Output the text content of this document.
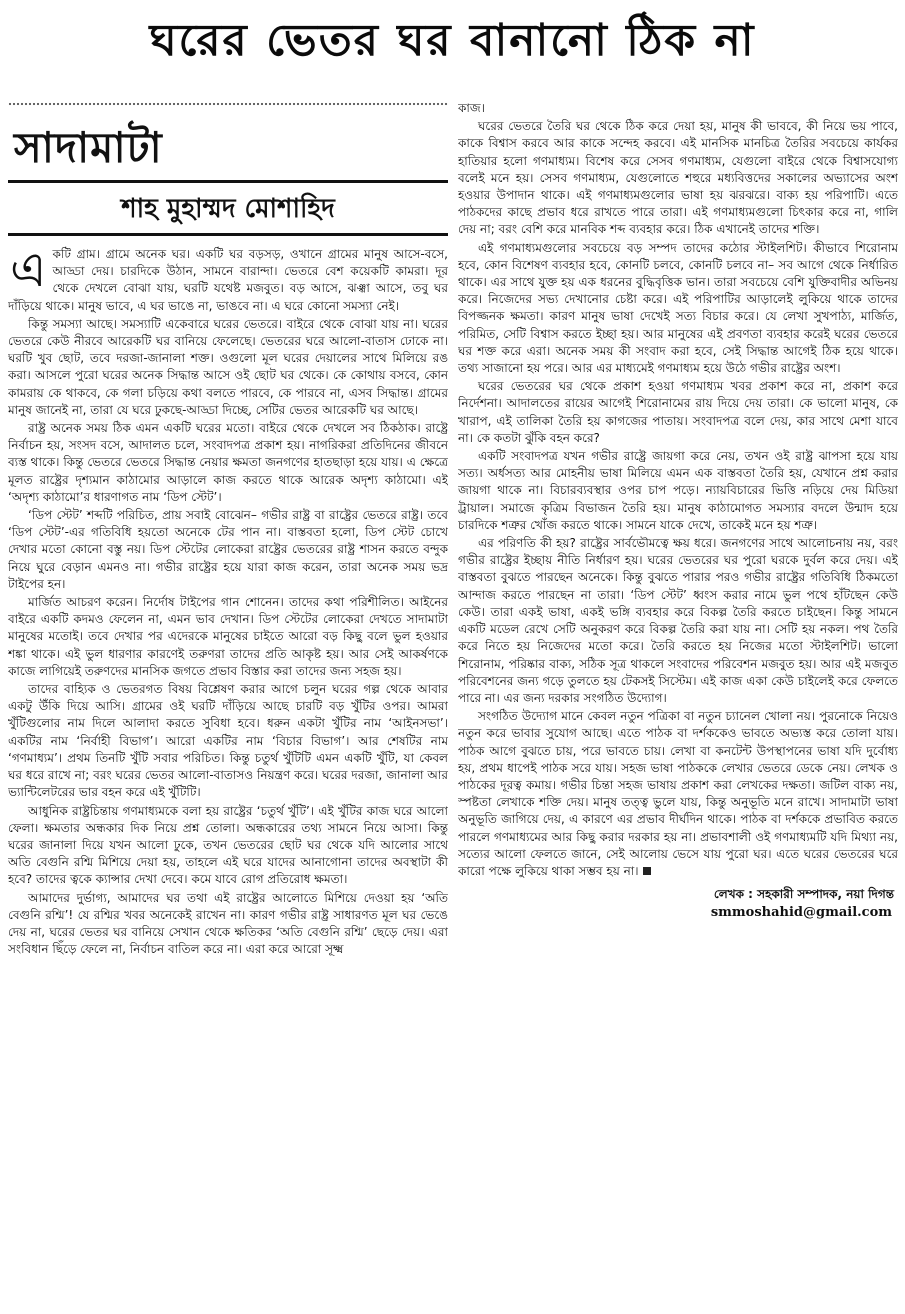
ঘরের ভেতর ঘর বানানো ঠিক না
সাদামাটা
শাহ মুহাম্মদ মোশাহিদ

একটি গ্রাম। গ্রামে অনেক ঘর। একটি ঘর বড়সড়, ওখানে গ্রামের মানুষ আসে-বসে, আড্ডা দেয়। চারদিকে উঠান, সামনে বারান্দা। ভেতরে বেশ কয়েকটি কামরা। দূর থেকে দেখলে বোঝা যায়, ঘরটি যথেষ্ট মজবুত। বড় আসে, ঝঞ্ঝা আসে, তবু ঘর দাঁড়িয়ে থাকে। মানুষ ভাবে, এ ঘর ভাঙে না, ভাঙবে না। এ ঘরে কোনো সমস্যা নেই।

কিন্তু সমস্যা আছে। সমস্যাটি একেবারে ঘরের ভেতরে। বাইরে থেকে বোঝা যায় না। ঘরের ভেতরে কেউ নীরবে আরেকটি ঘর বানিয়ে ফেলেছে। ভেতরের ঘরে আলো-বাতাস ঢোকে না। ঘরটি খুব ছোট, তবে দরজা-জানালা শক্ত। ওগুলো মূল ঘরের দেয়ালের সাথে মিলিয়ে রঙ করা। আসলে পুরো ঘরের অনেক সিদ্ধান্ত আসে ওই ছোট ঘর থেকে। কে কোথায় বসবে, কোন কামরায় কে থাকবে, কে গলা চড়িয়ে কথা বলতে পারবে, কে পারবে না, এসব সিদ্ধান্ত। গ্রামের মানুষ জানেই না, তারা যে ঘরে ঢুকছে-আড্ডা দিচ্ছে, সেটির ভেতর আরেকটি ঘর আছে।

রাষ্ট্র অনেক সময় ঠিক এমন একটি ঘরের মতো। বাইরে থেকে দেখলে সব ঠিকঠাক। রাষ্ট্রে নির্বাচন হয়, সংসদ বসে, আদালত চলে, সংবাদপত্র প্রকাশ হয়। নাগরিকরা প্রতিদিনের জীবনে ব্যস্ত থাকে। কিন্তু ভেতরে ভেতরে সিদ্ধান্ত নেয়ার ক্ষমতা জনগণের হাতছাড়া হয়ে যায়। এ ক্ষেত্রে মূলত রাষ্ট্রের দৃশ্যমান কাঠামোর আড়ালে কাজ করতে থাকে আরেক অদৃশ্য কাঠামো। এই ‘অদৃশ্য কাঠামো’র ধারণাগত নাম ‘ডিপ স্টেট’।

‘ডিপ স্টেট’ শব্দটি পরিচিত, প্রায় সবাই বোঝেন– গভীর রাষ্ট্র বা রাষ্ট্রের ভেতরে রাষ্ট্র। তবে ‘ডিপ স্টেট’-এর গতিবিধি হয়তো অনেকে টের পান না। বাস্তবতা হলো, ডিপ স্টেট চোখে দেখার মতো কোনো বস্তু নয়। ডিপ স্টেটের লোকেরা রাষ্ট্রের ভেতরের রাষ্ট্র শাসন করতে বন্দুক নিয়ে ঘুরে বেড়ান এমনও না। গভীর রাষ্ট্রের হয়ে যারা কাজ করেন, তারা অনেক সময় ভদ্র টাইপের হন।

মার্জিত আচরণ করেন। নির্দোষ টাইপের গান শোনেন। তাদের কথা পরিশীলিত। আইনের বাইরে একটি কদমও ফেলেন না, এমন ভাব দেখান। ডিপ স্টেটের লোকেরা দেখতে সাদামাটা মানুষের মতোই। তবে দেখার পর এদেরকে মানুষের চাইতে আরো বড় কিছু বলে ভুল হওয়ার শঙ্কা থাকে। এই ভুল ধারণার কারণেই তরুণরা তাদের প্রতি আকৃষ্ট হয়। আর সেই আকর্ষণকে কাজে লাগিয়েই তরুণদের মানসিক জগতে প্রভাব বিস্তার করা তাদের জন্য সহজ হয়।

তাদের বাহ্যিক ও ভেতরগত বিষয় বিশ্লেষণ করার আগে চলুন ঘরের গল্প থেকে আবার একটু উঁকি দিয়ে আসি। গ্রামের ওই ঘরটি দাঁড়িয়ে আছে চারটি বড় খুঁটির ওপর। আমরা খুঁটিগুলোর নাম দিলে আলাদা করতে সুবিধা হবে। ধরুন একটা খুঁটির নাম ‘আইনসভা’। একটির নাম ‘নির্বাহী বিভাগ’। আরো একটির নাম ‘বিচার বিভাগ’। আর শেষটির নাম ‘গণমাধ্যম’। প্রথম তিনটি খুঁটি সবার পরিচিত। কিন্তু চতুর্থ খুঁটিটি এমন একটি খুঁটি, যা কেবল ঘর ধরে রাখে না; বরং ঘরের ভেতর আলো-বাতাসও নিয়ন্ত্রণ করে। ঘরের দরজা, জানালা আর ভ্যান্টিলেটরের ভার বহন করে এই খুঁটিটি।

আধুনিক রাষ্ট্রচিন্তায় গণমাধ্যমকে বলা হয় রাষ্ট্রের ‘চতুর্থ খুঁটি’। এই খুঁটির কাজ ঘরে আলো ফেলা। ক্ষমতার অন্ধকার দিক নিয়ে প্রশ্ন তোলা। অন্ধকারের তথ্য সামনে নিয়ে আসা। কিন্তু ঘরের জানালা দিয়ে যখন আলো ঢুকে, তখন ভেতরের ছোট ঘর থেকে যদি আলোর সাথে অতি বেগুনি রশ্মি মিশিয়ে দেয়া হয়, তাহলে এই ঘরে যাদের আনাগোনা তাদের অবস্থাটা কী হবে? তাদের ত্বকে ক্যান্সার দেখা দেবে। কমে যাবে রোগ প্রতিরোধ ক্ষমতা।

আমাদের দুর্ভাগ্য, আমাদের ঘর তথা এই রাষ্ট্রের আলোতে মিশিয়ে দেওয়া হয় ‘অতি বেগুনি রশ্মি’! যে রশ্মির খবর অনেকেই রাখেন না। কারণ গভীর রাষ্ট্র সাধারণত মূল ঘর ভেঙে দেয় না, ঘরের ভেতর ঘর বানিয়ে সেখান থেকে ক্ষতিকর ‘অতি বেগুনি রশ্মি’ ছেড়ে দেয়। এরা সংবিধান ছিঁড়ে ফেলে না, নির্বাচন বাতিল করে না। এরা করে আরো সূক্ষ্ম

কাজ।

ঘরের ভেতরে তৈরি ঘর থেকে ঠিক করে দেয়া হয়, মানুষ কী ভাববে, কী নিয়ে ভয় পাবে, কাকে বিশ্বাস করবে আর কাকে সন্দেহ করবে। এই মানসিক মানচিত্র তৈরির সবচেয়ে কার্যকর হাতিয়ার হলো গণমাধ্যম। বিশেষ করে সেসব গণমাধ্যম, যেগুলো বাইরে থেকে বিশ্বাসযোগ্য বলেই মনে হয়। সেসব গণমাধ্যম, যেগুলোতে শহুরে মধ্যবিত্তদের সকালের অভ্যাসের অংশ হওয়ার উপাদান থাকে। এই গণমাধ্যমগুলোর ভাষা হয় ঝরঝরে। বাক্য হয় পরিপাটি। এতে পাঠকদের কাছে প্রভাব ধরে রাখতে পারে তারা। এই গণমাধ্যমগুলো চিৎকার করে না, গালি দেয় না; বরং বেশি করে মানবিক শব্দ ব্যবহার করে। ঠিক এখানেই তাদের শক্তি।

এই গণমাধ্যমগুলোর সবচেয়ে বড় সম্পদ তাদের কঠোর স্টাইলশিট। কীভাবে শিরোনাম হবে, কোন বিশেষণ ব্যবহার হবে, কোনটি চলবে, কোনটি চলবে না– সব আগে থেকে নির্ধারিত থাকে। এর সাথে যুক্ত হয় এক ধরনের বুদ্ধিবৃত্তিক ভান। তারা সবচেয়ে বেশি যুক্তিবাদীর অভিনয় করে। নিজেদের সভ্য দেখানোর চেষ্টা করে। এই পরিপাটির আড়ালেই লুকিয়ে থাকে তাদের বিপজ্জনক ক্ষমতা। কারণ মানুষ ভাষা দেখেই সত্য বিচার করে। যে লেখা সুখপাঠ্য, মার্জিত, পরিমিত, সেটি বিশ্বাস করতে ইচ্ছা হয়। আর মানুষের এই প্রবণতা ব্যবহার করেই ঘরের ভেতরে ঘর শক্ত করে এরা। অনেক সময় কী সংবাদ করা হবে, সেই সিদ্ধান্ত আগেই ঠিক হয়ে থাকে। তথ্য সাজানো হয় পরে। আর এর মাধ্যমেই গণমাধ্যম হয়ে উঠে গভীর রাষ্ট্রের অংশ।

ঘরের ভেতরের ঘর থেকে প্রকাশ হওয়া গণমাধ্যম খবর প্রকাশ করে না, প্রকাশ করে নির্দেশনা। আদালতের রায়ের আগেই শিরোনামের রায় দিয়ে দেয় তারা। কে ভালো মানুষ, কে খারাপ, এই তালিকা তৈরি হয় কাগজের পাতায়। সংবাদপত্র বলে দেয়, কার সাথে মেশা যাবে না। কে কতটা ঝুঁকি বহন করে?

একটি সংবাদপত্র যখন গভীর রাষ্ট্রে জায়গা করে নেয়, তখন ওই রাষ্ট্র ঝাপসা হয়ে যায় সত্য। অর্ধসত্য আর মোহনীয় ভাষা মিলিয়ে এমন এক বাস্তবতা তৈরি হয়, যেখানে প্রশ্ন করার জায়গা থাকে না। বিচারব্যবস্থার ওপর চাপ পড়ে। ন্যায়বিচারের ভিত্তি নড়িয়ে দেয় মিডিয়া ট্রায়াল। সমাজে কৃত্রিম বিভাজন তৈরি হয়। মানুষ কাঠামোগত সমস্যার বদলে উন্মাদ হয়ে চারদিকে শত্রুর খোঁজ করতে থাকে। সামনে যাকে দেখে, তাকেই মনে হয় শত্রু।

এর পরিণতি কী হয়? রাষ্ট্রের সার্বভৌমত্বে ক্ষয় ধরে। জনগণের সাথে আলোচনায় নয়, বরং গভীর রাষ্ট্রের ইচ্ছায় নীতি নির্ধারণ হয়। ঘরের ভেতরের ঘর পুরো ঘরকে দুর্বল করে দেয়। এই বাস্তবতা বুঝতে পারছেন অনেকে। কিন্তু বুঝতে পারার পরও গভীর রাষ্ট্রের গতিবিধি ঠিকমতো আন্দাজ করতে পারছেন না তারা। ‘ডিপ স্টেট’ ধ্বংস করার নামে ভুল পথে হাঁটছেন কেউ কেউ। তারা একই ভাষা, একই ভঙ্গি ব্যবহার করে বিকল্প তৈরি করতে চাইছেন। কিন্তু সামনে একটি মডেল রেখে সেটি অনুকরণ করে বিকল্প তৈরি করা যায় না। সেটি হয় নকল। পথ তৈরি করে নিতে হয় নিজেদের মতো করে। তৈরি করতে হয় নিজের মতো স্টাইলশিট। ভালো শিরোনাম, পরিষ্কার বাক্য, সঠিক সূত্র থাকলে সংবাদের পরিবেশন মজবুত হয়। আর এই মজবুত পরিবেশনের জন্য গড়ে তুলতে হয় টেকসই সিস্টেম। এই কাজ একা কেউ চাইলেই করে ফেলতে পারে না। এর জন্য দরকার সংগঠিত উদ্যোগ।

সংগঠিত উদ্যোগ মানে কেবল নতুন পত্রিকা বা নতুন চ্যানেল খোলা নয়। পুরনোকে নিয়েও নতুন করে ভাবার সুযোগ আছে। এতে পাঠক বা দর্শককেও ভাবতে অভ্যস্ত করে তোলা যায়। পাঠক আগে বুঝতে চায়, পরে ভাবতে চায়। লেখা বা কনটেন্ট উপস্থাপনের ভাষা যদি দুর্বোধ্য হয়, প্রথম ধাপেই পাঠক সরে যায়। সহজ ভাষা পাঠককে লেখার ভেতরে ডেকে নেয়। লেখক ও পাঠকের দূরত্ব কমায়। গভীর চিন্তা সহজ ভাষায় প্রকাশ করা লেখকের দক্ষতা। জটিল বাক্য নয়, স্পষ্টতা লেখাকে শক্তি দেয়। মানুষ তত্ত্ব ভুলে যায়, কিন্তু অনুভূতি মনে রাখে। সাদামাটা ভাষা অনুভূতি জাগিয়ে দেয়, এ কারণে এর প্রভাব দীর্ঘদিন থাকে। পাঠক বা দর্শককে প্রভাবিত করতে পারলে গণমাধ্যমের আর কিছু করার দরকার হয় না। প্রভাবশালী ওই গণমাধ্যমটি যদি মিথ্যা নয়, সত্যের আলো ফেলতে জানে, সেই আলোয় ভেসে যায় পুরো ঘর। এতে ঘরের ভেতরের ঘরে কারো পক্ষে লুকিয়ে থাকা সম্ভব হয় না।

লেখক : সহকারী সম্পাদক, নয়া দিগন্ত
smmoshahid@gmail.com
